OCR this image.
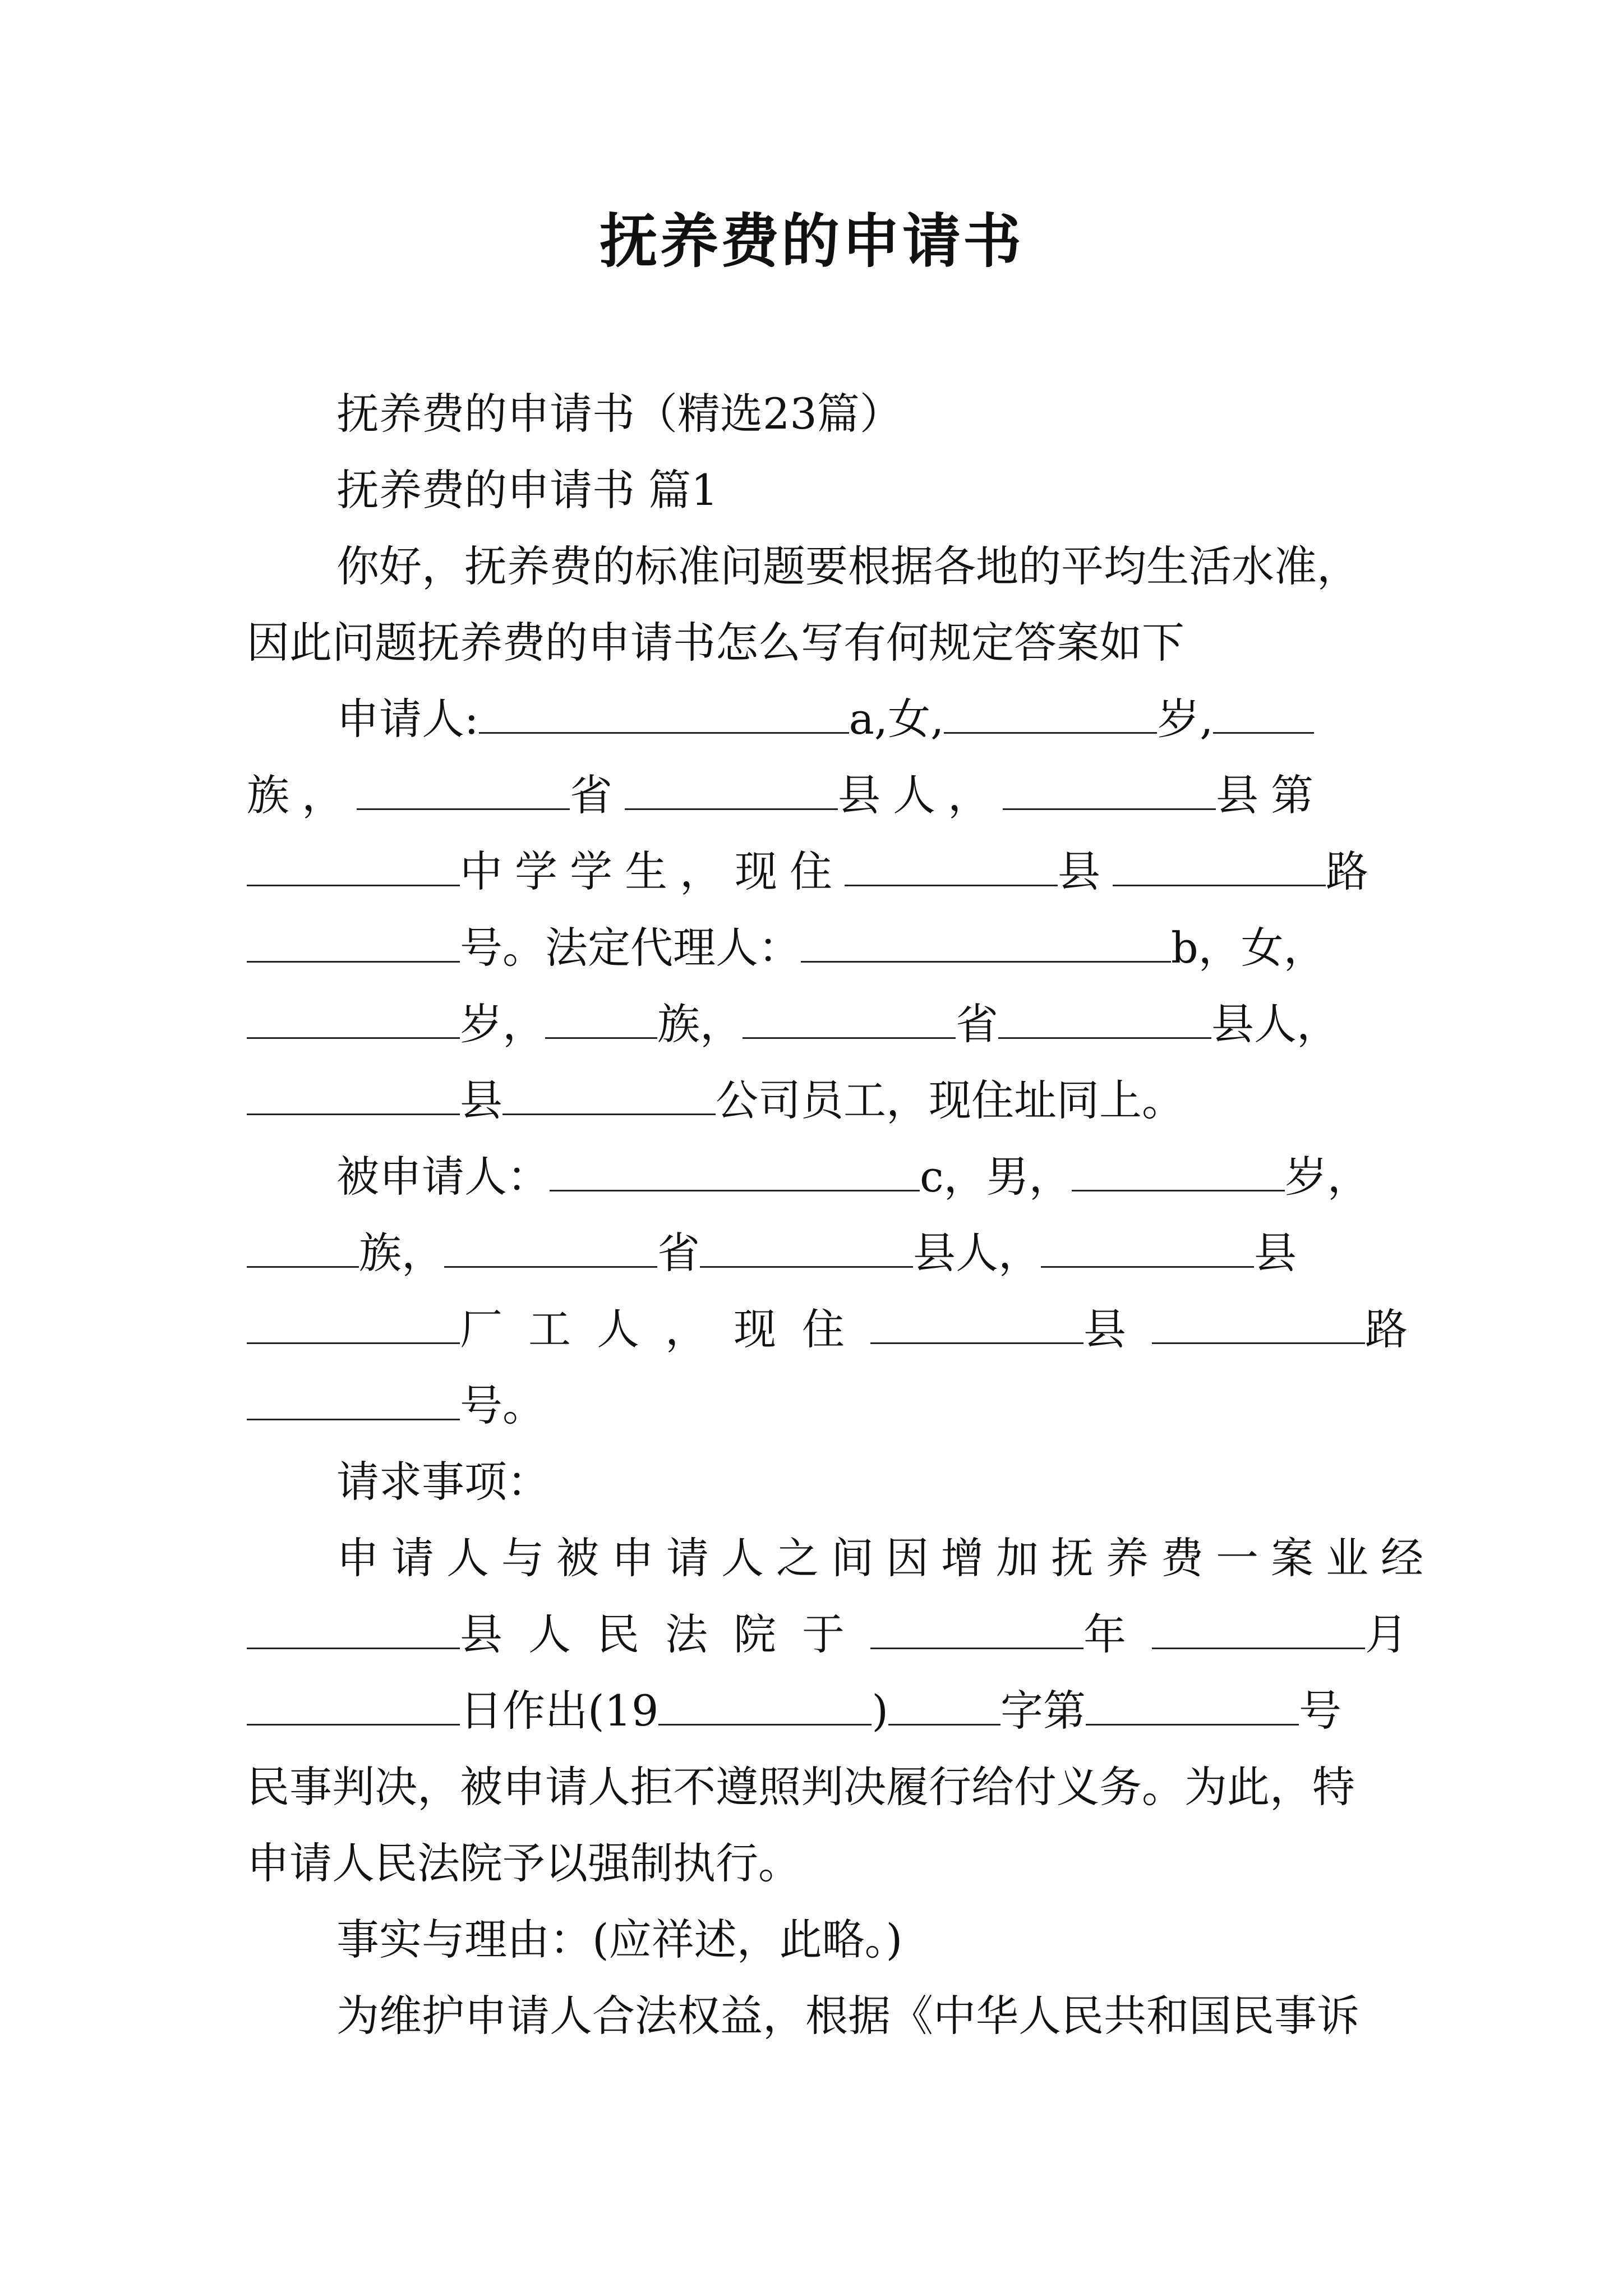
抚养费的申请书
抚养费的申请书（精选23篇）
抚养费的申请书 篇1
你好，抚养费的标准问题要根据各地的平均生活水准，
因此问题抚养费的申请书怎么写有何规定答案如下
申请人:	a,女,	岁,
族，	省	县人，	县第
中学学生，现住	县	路
号。法定代理人：	b，女，
岁，	族，	省	县人，
县	公司员工，现住址同上。
被申请人：	c，男，	岁，
族，	省	县人，	县
厂工人，现住	县	路
号。
请求事项：
申请人与被申请人之间因增加抚养费一案业经
县人民法院于	年	月
日作出(19	)	字第	号
民事判决，被申请人拒不遵照判决履行给付义务。为此，特
申请人民法院予以强制执行。
事实与理由：(应祥述，此略。)
为维护申请人合法权益，根据《中华人民共和国民事诉
